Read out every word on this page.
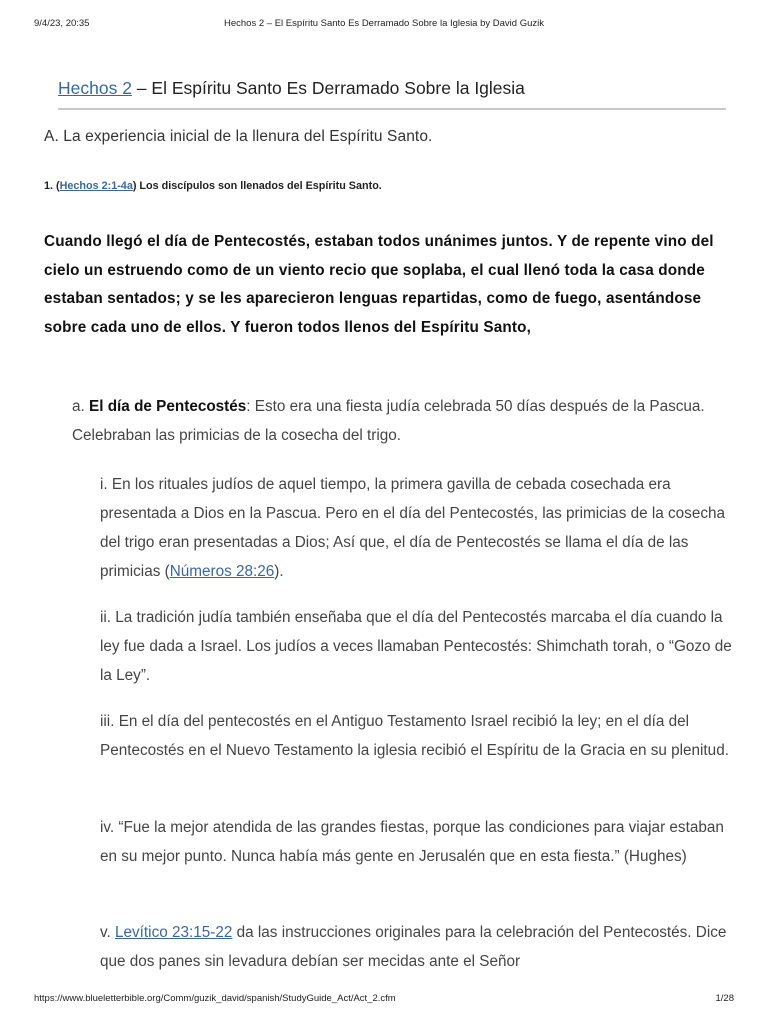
9/4/23, 20:35	Hechos 2 – El Espíritu Santo Es Derramado Sobre la Iglesia by David Guzik
Hechos 2 – El Espíritu Santo Es Derramado Sobre la Iglesia
A. La experiencia inicial de la llenura del Espíritu Santo.
1. (Hechos 2:1-4a) Los discípulos son llenados del Espíritu Santo.
Cuando llegó el día de Pentecostés, estaban todos unánimes juntos. Y de repente vino del cielo un estruendo como de un viento recio que soplaba, el cual llenó toda la casa donde estaban sentados; y se les aparecieron lenguas repartidas, como de fuego, asentándose sobre cada uno de ellos. Y fueron todos llenos del Espíritu Santo,
a. El día de Pentecostés: Esto era una fiesta judía celebrada 50 días después de la Pascua. Celebraban las primicias de la cosecha del trigo.
i. En los rituales judíos de aquel tiempo, la primera gavilla de cebada cosechada era presentada a Dios en la Pascua. Pero en el día del Pentecostés, las primicias de la cosecha del trigo eran presentadas a Dios; Así que, el día de Pentecostés se llama el día de las primicias (Números 28:26).
ii. La tradición judía también enseñaba que el día del Pentecostés marcaba el día cuando la ley fue dada a Israel. Los judíos a veces llamaban Pentecostés: Shimchath torah, o “Gozo de la Ley”.
iii. En el día del pentecostés en el Antiguo Testamento Israel recibió la ley; en el día del Pentecostés en el Nuevo Testamento la iglesia recibió el Espíritu de la Gracia en su plenitud.
iv. “Fue la mejor atendida de las grandes fiestas, porque las condiciones para viajar estaban en su mejor punto. Nunca había más gente en Jerusalén que en esta fiesta.” (Hughes)
v. Levítico 23:15-22 da las instrucciones originales para la celebración del Pentecostés. Dice que dos panes sin levadura debían ser mecidas ante el Señor
https://www.blueletterbible.org/Comm/guzik_david/spanish/StudyGuide_Act/Act_2.cfm	1/28
